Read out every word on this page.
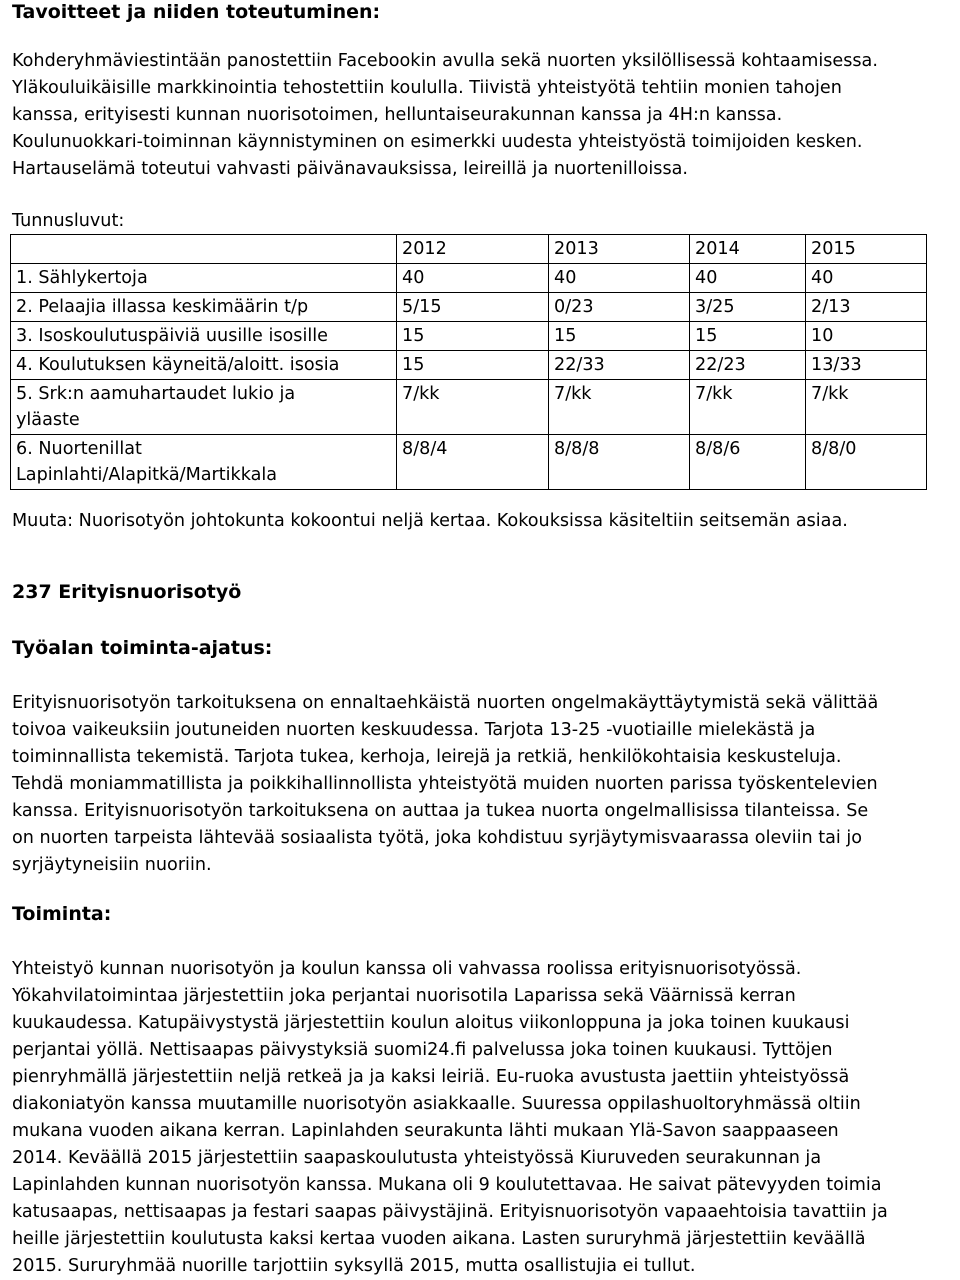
Tavoitteet ja niiden toteutuminen:
Kohderyhmäviestintään panostettiin Facebookin avulla sekä nuorten yksilöllisessä kohtaamisessa.
Yläkouluikäisille markkinointia tehostettiin koululla. Tiivistä yhteistyötä tehtiin monien tahojen
kanssa, erityisesti kunnan nuorisotoimen, helluntaiseurakunnan kanssa ja 4H:n kanssa.
Koulunuokkari-toiminnan käynnistyminen on esimerkki uudesta yhteistyöstä toimijoiden kesken.
Hartauselämä toteutui vahvasti päivänavauksissa, leireillä ja nuortenilloissa.
Tunnusluvut:
	2012	2013	2014	2015

1. Sählykertoja	40	40	40	40

2. Pelaajia illassa keskimäärin t/p	5/15	0/23	3/25	2/13

3. Isoskoulutuspäiviä uusille isosille	15	15	15	10

4. Koulutuksen käyneitä/aloitt. isosia	15	22/33	22/23	13/33

5. Srk:n aamuhartaudet lukio ja
yläaste	7/kk	7/kk	7/kk	7/kk

6. Nuortenillat
Lapinlahti/Alapitkä/Martikkala	8/8/4	8/8/8	8/8/6	8/8/0
Muuta: Nuorisotyön johtokunta kokoontui neljä kertaa. Kokouksissa käsiteltiin seitsemän asiaa.
237 Erityisnuorisotyö
Työalan toiminta-ajatus:
Erityisnuorisotyön tarkoituksena on ennaltaehkäistä nuorten ongelmakäyttäytymistä sekä välittää
toivoa vaikeuksiin joutuneiden nuorten keskuudessa. Tarjota 13-25 -vuotiaille mielekästä ja
toiminnallista tekemistä. Tarjota tukea, kerhoja, leirejä ja retkiä, henkilökohtaisia keskusteluja.
Tehdä moniammatillista ja poikkihallinnollista yhteistyötä muiden nuorten parissa työskentelevien
kanssa. Erityisnuorisotyön tarkoituksena on auttaa ja tukea nuorta ongelmallisissa tilanteissa. Se
on nuorten tarpeista lähtevää sosiaalista työtä, joka kohdistuu syrjäytymisvaarassa oleviin tai jo
syrjäytyneisiin nuoriin.
Toiminta:
Yhteistyö kunnan nuorisotyön ja koulun kanssa oli vahvassa roolissa erityisnuorisotyössä.
Yökahvilatoimintaa järjestettiin joka perjantai nuorisotila Laparissa sekä Väärnissä kerran
kuukaudessa. Katupäivystystä järjestettiin koulun aloitus viikonloppuna ja joka toinen kuukausi
perjantai yöllä. Nettisaapas päivystyksiä suomi24.fi palvelussa joka toinen kuukausi. Tyttöjen
pienryhmällä järjestettiin neljä retkeä ja ja kaksi leiriä. Eu-ruoka avustusta jaettiin yhteistyössä
diakoniatyön kanssa muutamille nuorisotyön asiakkaalle. Suuressa oppilashuoltoryhmässä oltiin
mukana vuoden aikana kerran. Lapinlahden seurakunta lähti mukaan Ylä-Savon saappaaseen
2014. Keväällä 2015 järjestettiin saapaskoulutusta yhteistyössä Kiuruveden seurakunnan ja
Lapinlahden kunnan nuorisotyön kanssa. Mukana oli 9 koulutettavaa. He saivat pätevyyden toimia
katusaapas, nettisaapas ja festari saapas päivystäjinä. Erityisnuorisotyön vapaaehtoisia tavattiin ja
heille järjestettiin koulutusta kaksi kertaa vuoden aikana. Lasten sururyhmä järjestettiin keväällä
2015. Sururyhmää nuorille tarjottiin syksyllä 2015, mutta osallistujia ei tullut.
